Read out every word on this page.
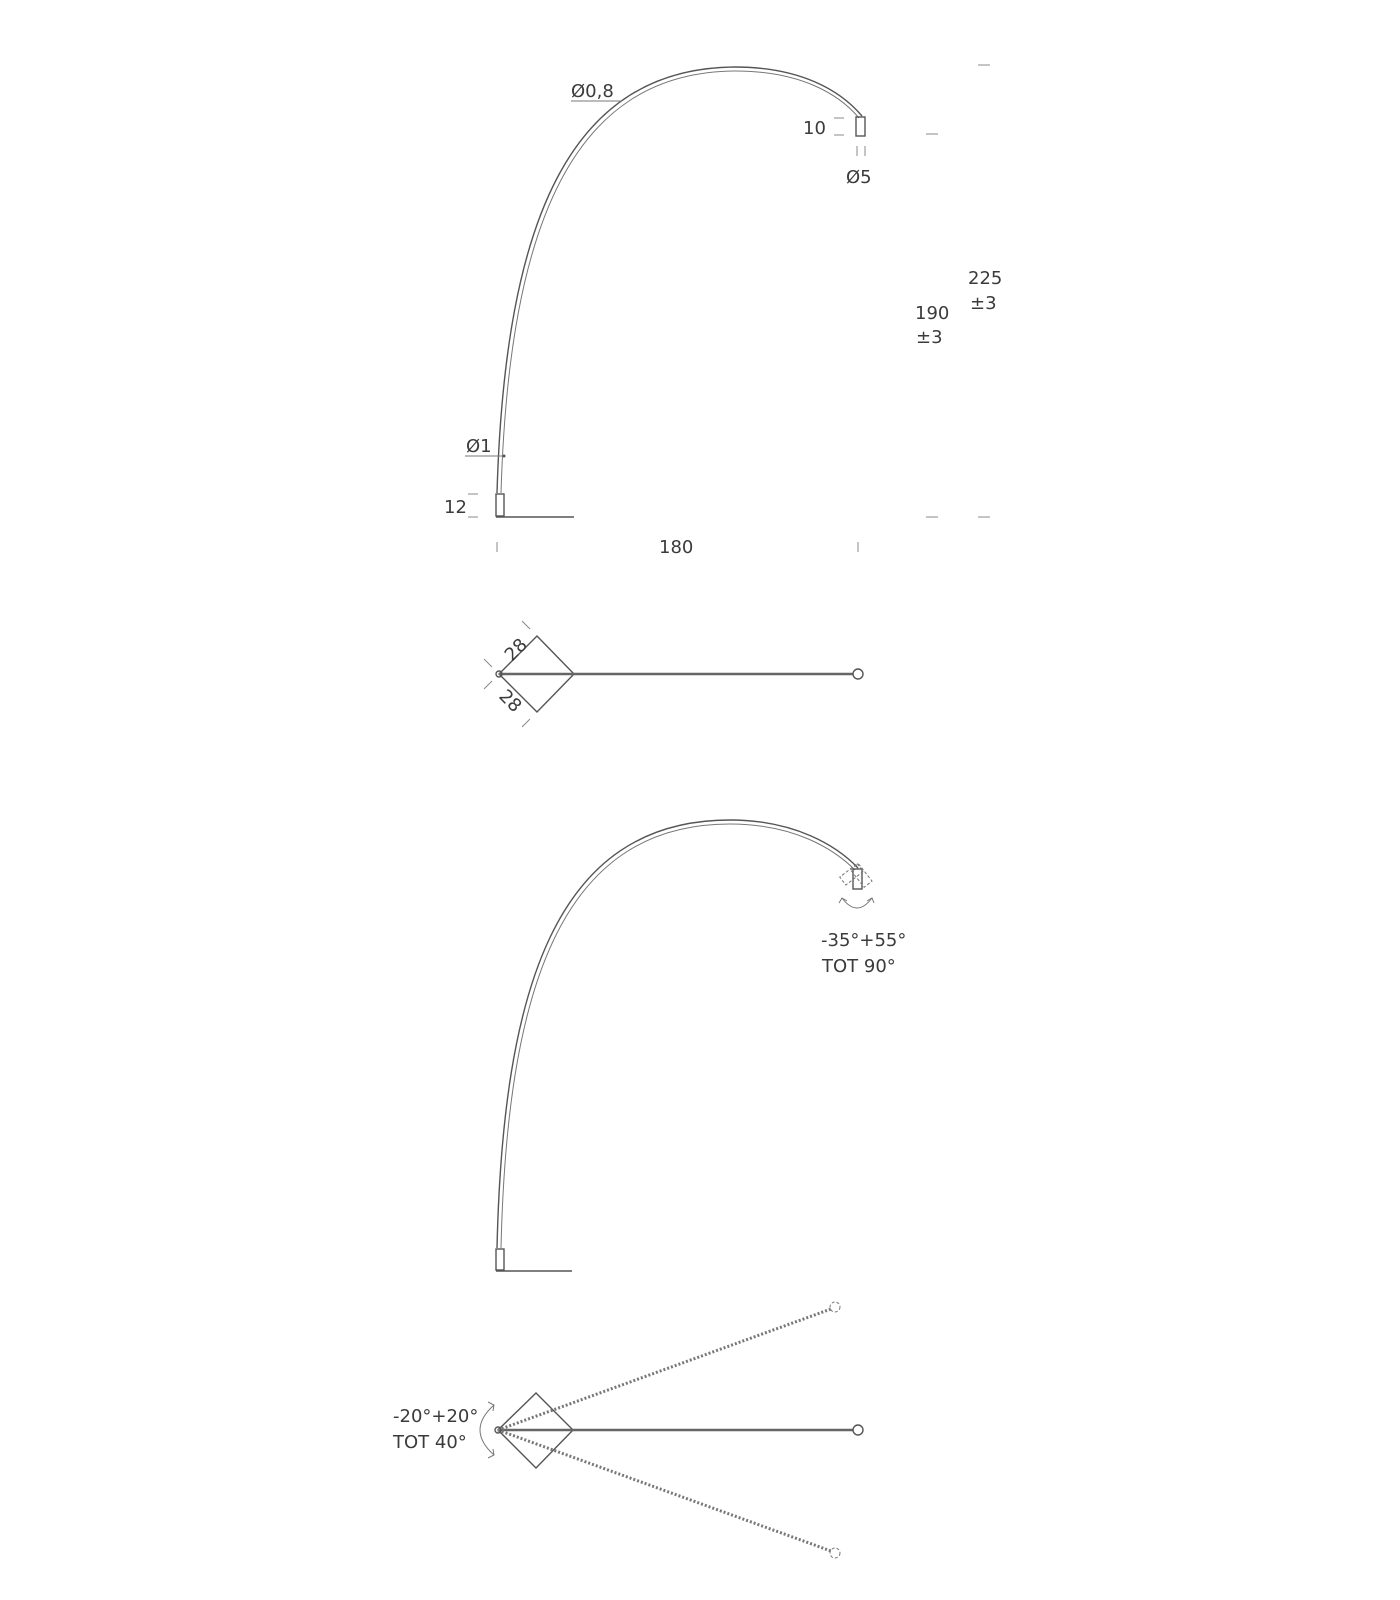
Ø0,8
10
Ø5
225
±3
190
±3
Ø1
12
180
28
28
-35°+55°
TOT 90°
-20°+20°
TOT 40°
